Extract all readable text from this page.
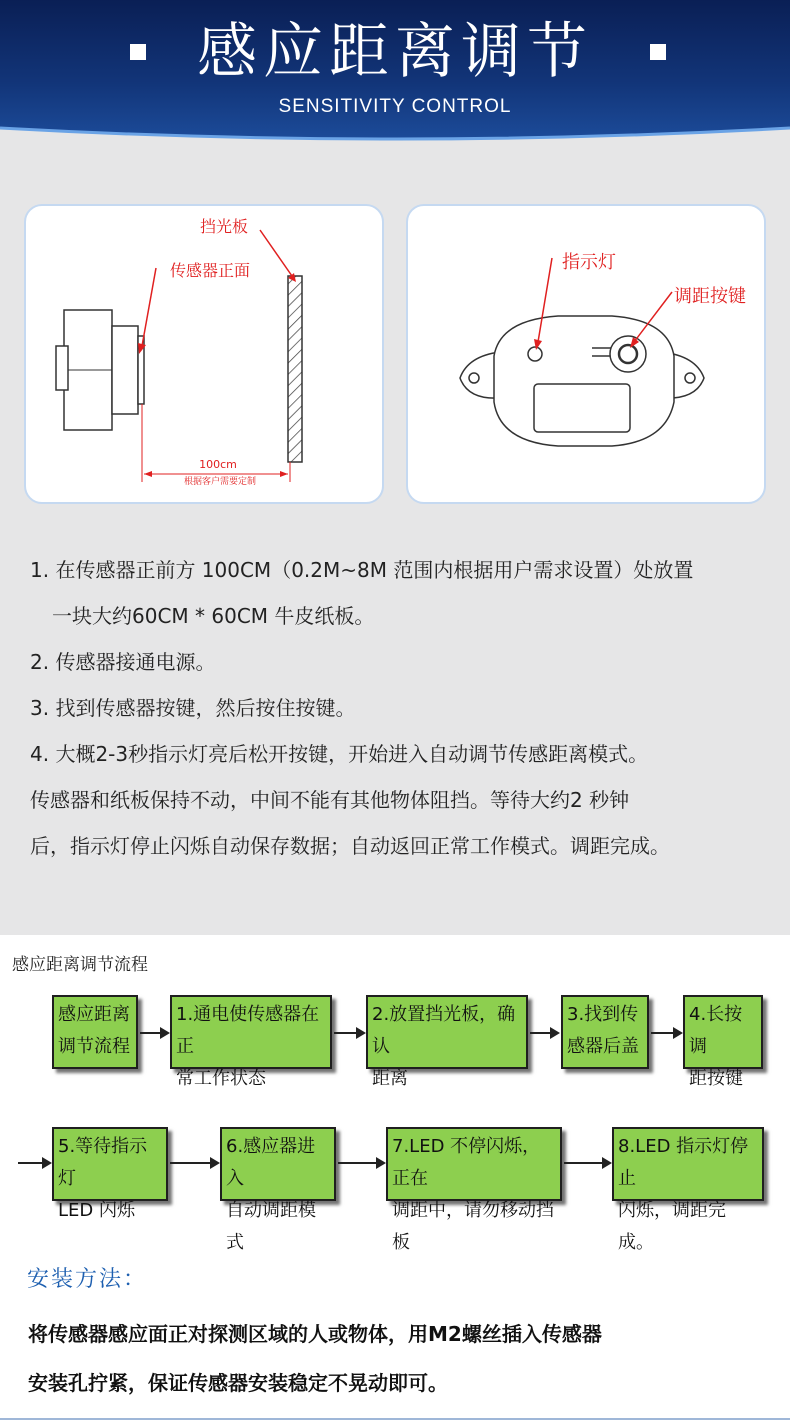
感应距离调节
SENSITIVITY CONTROL
挡光板
传感器正面
100cm
根据客户需要定制
指示灯
调距按键
1. 在传感器正前方 100CM（0.2M~8M 范围内根据用户需求设置）处放置
一块大约60CM * 60CM 牛皮纸板。
2. 传感器接通电源。
3. 找到传感器按键，然后按住按键。
4. 大概2-3秒指示灯亮后松开按键，开始进入自动调节传感距离模式。
传感器和纸板保持不动，中间不能有其他物体阻挡。等待大约2 秒钟
后，指示灯停止闪烁自动保存数据；自动返回正常工作模式。调距完成。
感应距离调节流程
感应距离
调节流程
1.通电使传感器在正
常工作状态
2.放置挡光板，确认
距离
3.找到传
感器后盖
4.长按调
距按键
5.等待指示灯
LED 闪烁
6.感应器进入
自动调距模式
7.LED 不停闪烁，正在
调距中，请勿移动挡板
8.LED 指示灯停止
闪烁，调距完成。
安装方法：
将传感器感应面正对探测区域的人或物体，用M2螺丝插入传感器
安装孔拧紧，保证传感器安装稳定不晃动即可。
